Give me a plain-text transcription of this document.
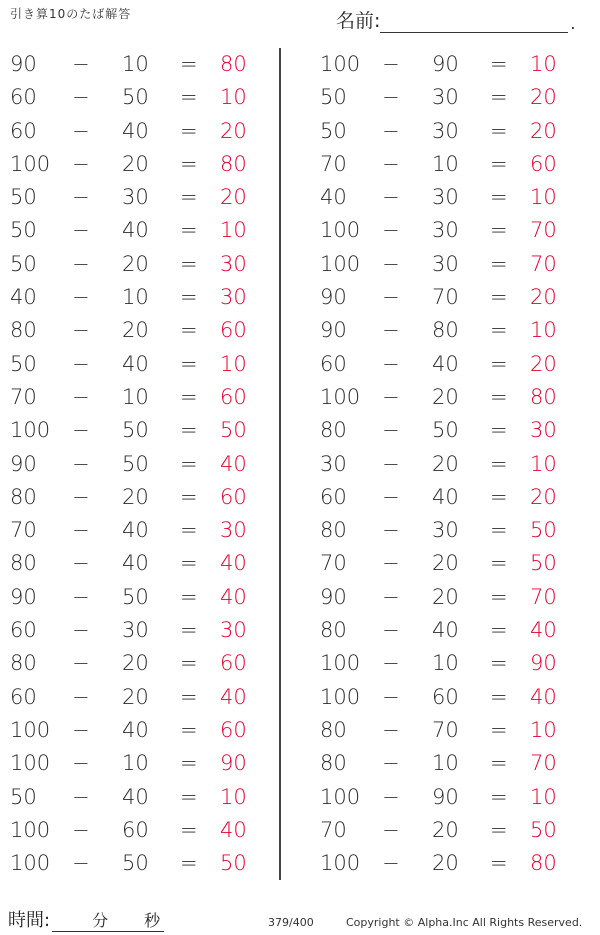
引き算10のたば解答	名前:	.
90 − 10 = 80
60 − 50 = 10
60 − 40 = 20
100 − 20 = 80
50 − 30 = 20
50 − 40 = 10
50 − 20 = 30
40 − 10 = 30
80 − 20 = 60
50 − 40 = 10
70 − 10 = 60
100 − 50 = 50
90 − 50 = 40
80 − 20 = 60
70 − 40 = 30
80 − 40 = 40
90 − 50 = 40
60 − 30 = 30
80 − 20 = 60
60 − 20 = 40
100 − 40 = 60
100 − 10 = 90
50 − 40 = 10
100 − 60 = 40
100 − 50 = 50
100 − 90 = 10
50 − 30 = 20
50 − 30 = 20
70 − 10 = 60
40 − 30 = 10
100 − 30 = 70
100 − 30 = 70
90 − 70 = 20
90 − 80 = 10
60 − 40 = 20
100 − 20 = 80
80 − 50 = 30
30 − 20 = 10
60 − 40 = 20
80 − 30 = 50
70 − 20 = 50
90 − 20 = 70
80 − 40 = 40
100 − 10 = 90
100 − 60 = 40
80 − 70 = 10
80 − 10 = 70
100 − 90 = 10
70 − 20 = 50
100 − 20 = 80
時間:	分 秒	379/400	Copyright © Alpha.Inc All Rights Reserved.
